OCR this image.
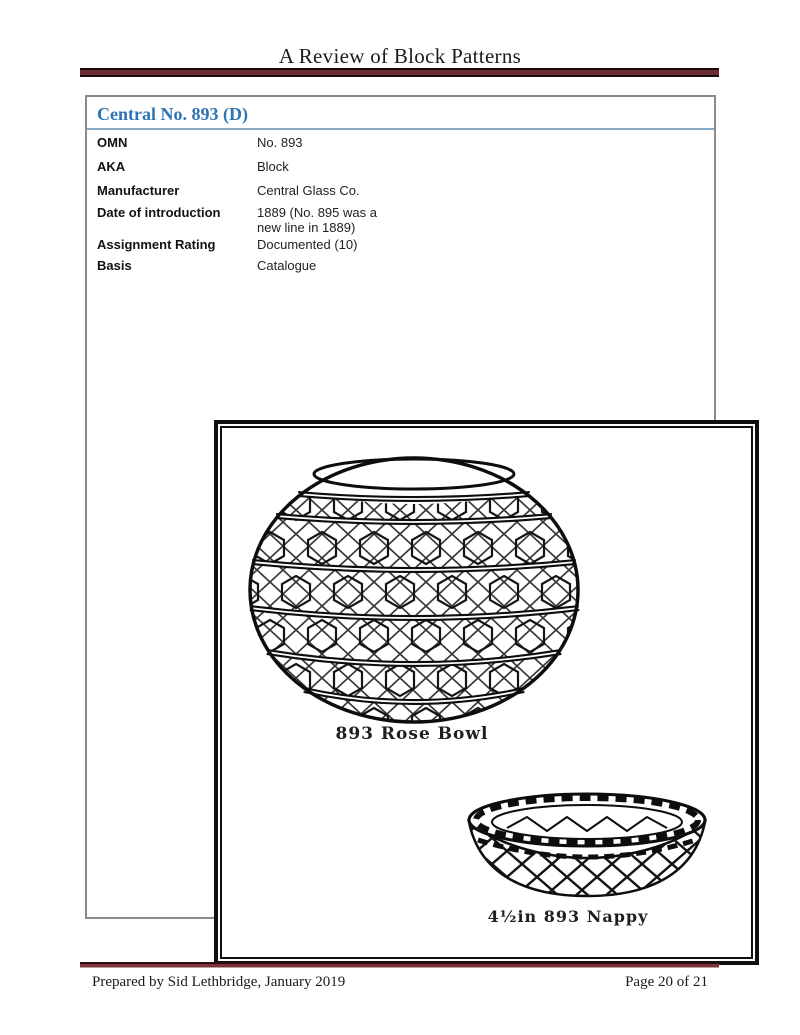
A Review of Block Patterns
Central No. 893 (D)
OMN	No. 893
AKA	Block
Manufacturer	Central Glass Co.
Date of introduction	1889 (No. 895 was a new line in 1889)
Assignment Rating	Documented (10)
Basis	Catalogue
893 Rose Bowl
4½in 893 Nappy
Prepared by Sid Lethbridge, January 2019	Page 20 of 21
